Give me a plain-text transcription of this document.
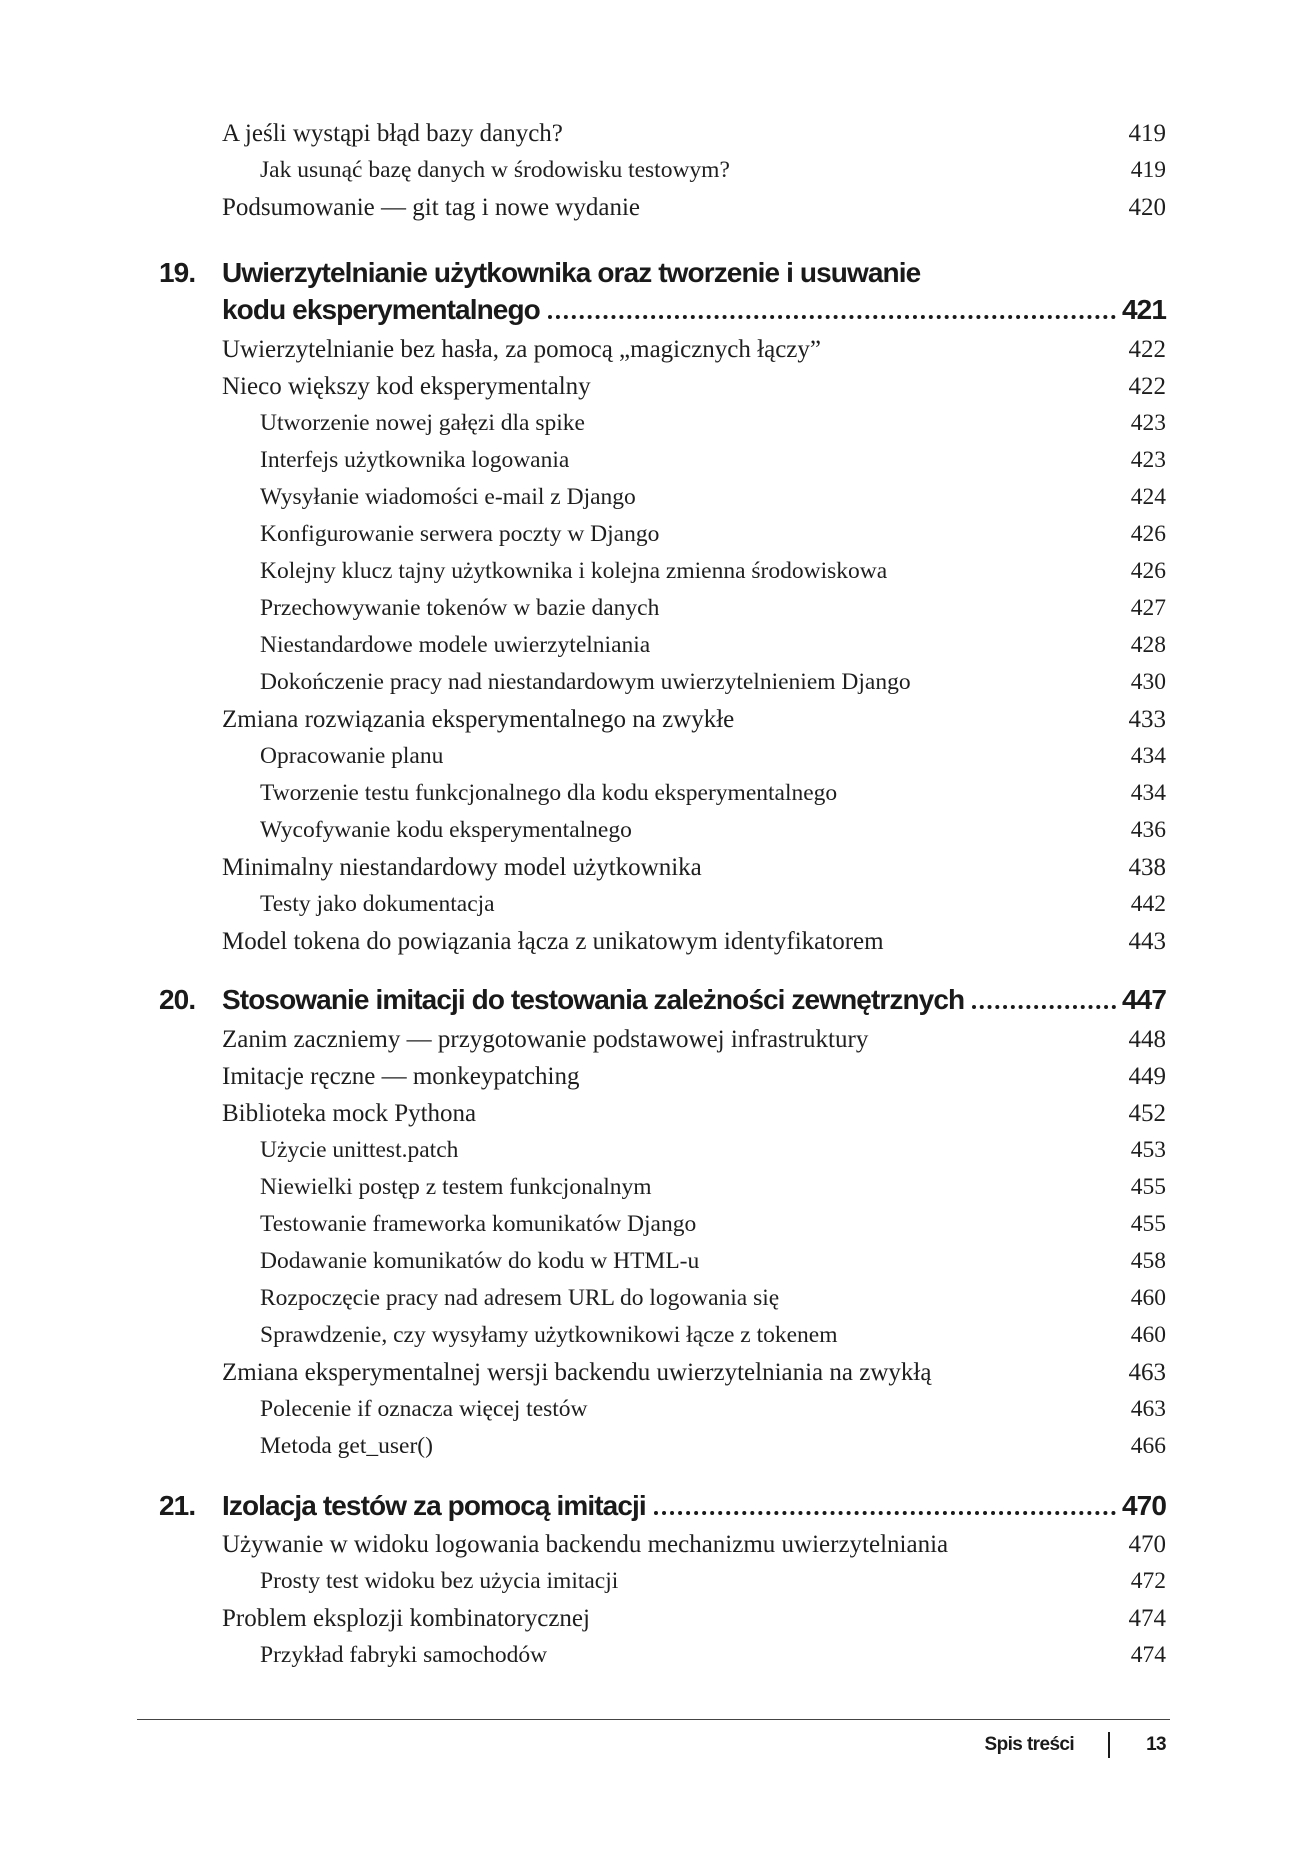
A jeśli wystąpi błąd bazy danych?	419
Jak usunąć bazę danych w środowisku testowym?	419
Podsumowanie — git tag i nowe wydanie	420
19. Uwierzytelnianie użytkownika oraz tworzenie i usuwanie
kodu eksperymentalnego	421
Uwierzytelnianie bez hasła, za pomocą „magicznych łączy”	422
Nieco większy kod eksperymentalny	422
Utworzenie nowej gałęzi dla spike	423
Interfejs użytkownika logowania	423
Wysyłanie wiadomości e-mail z Django	424
Konfigurowanie serwera poczty w Django	426
Kolejny klucz tajny użytkownika i kolejna zmienna środowiskowa	426
Przechowywanie tokenów w bazie danych	427
Niestandardowe modele uwierzytelniania	428
Dokończenie pracy nad niestandardowym uwierzytelnieniem Django	430
Zmiana rozwiązania eksperymentalnego na zwykłe	433
Opracowanie planu	434
Tworzenie testu funkcjonalnego dla kodu eksperymentalnego	434
Wycofywanie kodu eksperymentalnego	436
Minimalny niestandardowy model użytkownika	438
Testy jako dokumentacja	442
Model tokena do powiązania łącza z unikatowym identyfikatorem	443
20. Stosowanie imitacji do testowania zależności zewnętrznych	447
Zanim zaczniemy — przygotowanie podstawowej infrastruktury	448
Imitacje ręczne — monkeypatching	449
Biblioteka mock Pythona	452
Użycie unittest.patch	453
Niewielki postęp z testem funkcjonalnym	455
Testowanie frameworka komunikatów Django	455
Dodawanie komunikatów do kodu w HTML-u	458
Rozpoczęcie pracy nad adresem URL do logowania się	460
Sprawdzenie, czy wysyłamy użytkownikowi łącze z tokenem	460
Zmiana eksperymentalnej wersji backendu uwierzytelniania na zwykłą	463
Polecenie if oznacza więcej testów	463
Metoda get_user()	466
21. Izolacja testów za pomocą imitacji	470
Używanie w widoku logowania backendu mechanizmu uwierzytelniania	470
Prosty test widoku bez użycia imitacji	472
Problem eksplozji kombinatorycznej	474
Przykład fabryki samochodów	474
Spis treści	13
